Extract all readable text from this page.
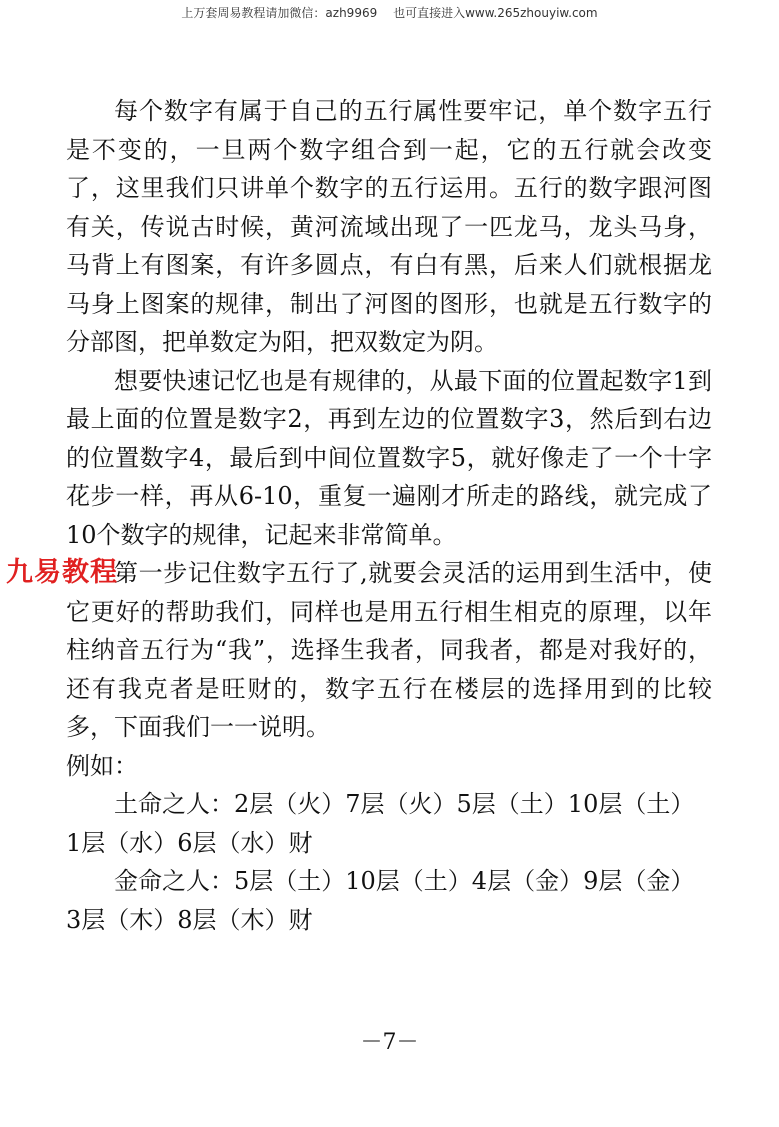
上万套周易教程请加微信：azh9969 也可直接进入www.265zhouyiw.com

每个数字有属于自己的五行属性要牢记，单个数字五行是不变的，一旦两个数字组合到一起，它的五行就会改变了，这里我们只讲单个数字的五行运用。五行的数字跟河图有关，传说古时候，黄河流域出现了一匹龙马，龙头马身，马背上有图案，有许多圆点，有白有黑，后来人们就根据龙马身上图案的规律，制出了河图的图形，也就是五行数字的分部图，把单数定为阳，把双数定为阴。

想要快速记忆也是有规律的，从最下面的位置起数字1到最上面的位置是数字2，再到左边的位置数字3，然后到右边的位置数字4，最后到中间位置数字5，就好像走了一个十字花步一样，再从6-10，重复一遍刚才所走的路线，就完成了10个数字的规律，记起来非常简单。

第一步记住数字五行了,就要会灵活的运用到生活中，使它更好的帮助我们，同样也是用五行相生相克的原理，以年柱纳音五行为“我”，选择生我者，同我者，都是对我好的，还有我克者是旺财的，数字五行在楼层的选择用到的比较多，下面我们一一说明。

例如：

土命之人：2层（火）7层（火）5层（土）10层（土）

1层（水）6层（水）财

金命之人：5层（土）10层（土）4层（金）9层（金）

3层（木）8层（木）财

九易教程
－7－
